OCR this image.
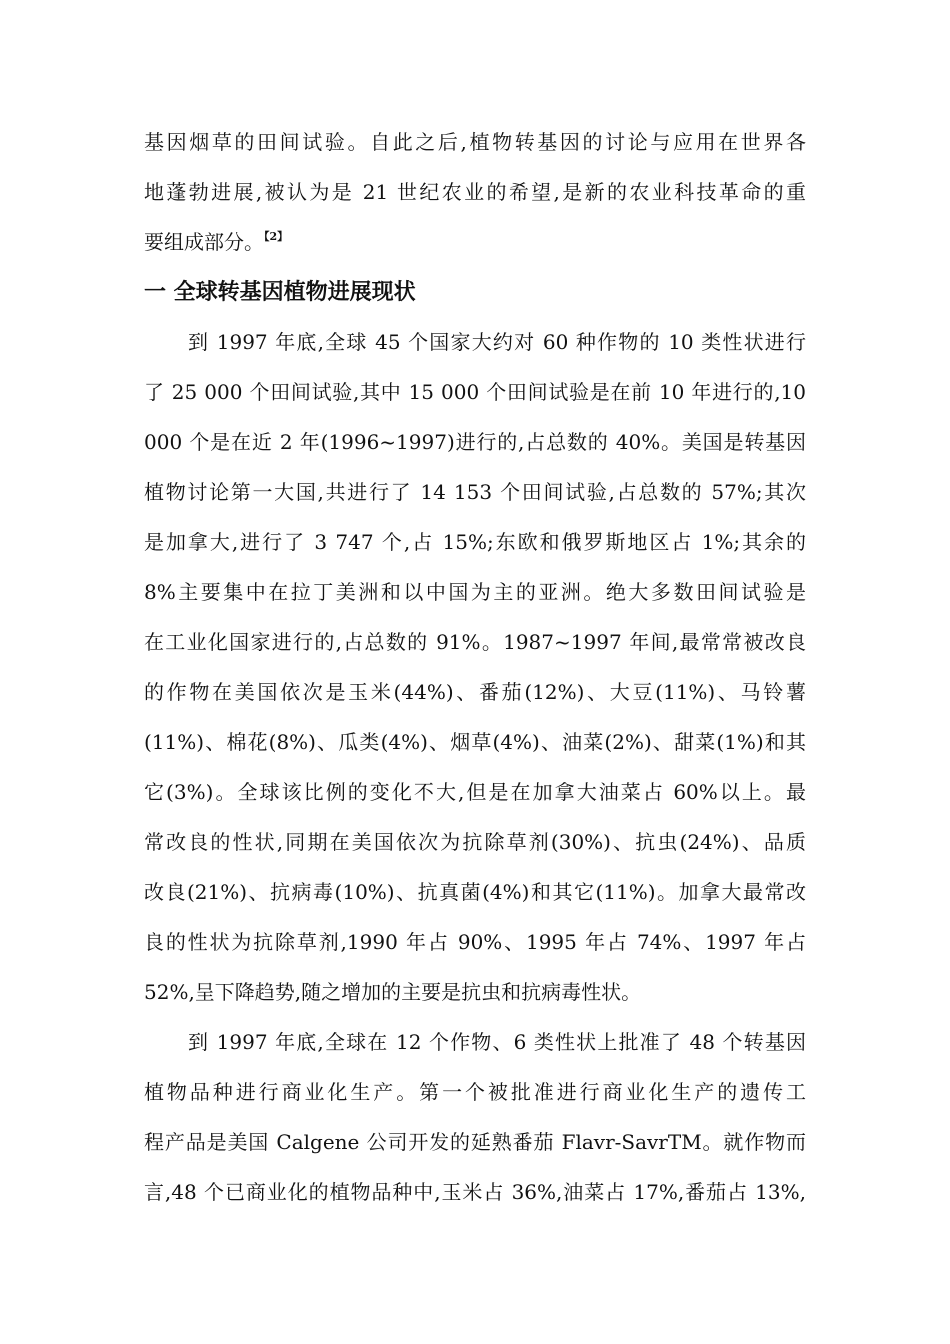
基因烟草的田间试验。自此之后,植物转基因的讨论与应用在世界各
地蓬勃进展,被认为是 21 世纪农业的希望,是新的农业科技革命的重
要组成部分。$^{【2】}$
一 全球转基因植物进展现状
到 1997 年底,全球 45 个国家大约对 60 种作物的 10 类性状进行
了 25 000 个田间试验,其中 15 000 个田间试验是在前 10 年进行的,10
000 个是在近 2 年(1996~1997)进行的,占总数的 40%。美国是转基因
植物讨论第一大国,共进行了 14 153 个田间试验,占总数的 57%;其次
是加拿大,进行了 3 747 个,占 15%;东欧和俄罗斯地区占 1%;其余的
8%主要集中在拉丁美洲和以中国为主的亚洲。绝大多数田间试验是
在工业化国家进行的,占总数的 91%。1987~1997 年间,最常常被改良
的作物在美国依次是玉米(44%)、番茄(12%)、大豆(11%)、马铃薯
(11%)、棉花(8%)、瓜类(4%)、烟草(4%)、油菜(2%)、甜菜(1%)和其
它(3%)。全球该比例的变化不大,但是在加拿大油菜占 60%以上。最
常改良的性状,同期在美国依次为抗除草剂(30%)、抗虫(24%)、品质
改良(21%)、抗病毒(10%)、抗真菌(4%)和其它(11%)。加拿大最常改
良的性状为抗除草剂,1990 年占 90%、1995 年占 74%、1997 年占
52%,呈下降趋势,随之增加的主要是抗虫和抗病毒性状。
到 1997 年底,全球在 12 个作物、6 类性状上批准了 48 个转基因
植物品种进行商业化生产。第一个被批准进行商业化生产的遗传工
程产品是美国 Calgene 公司开发的延熟番茄 Flavr-SavrTM。就作物而
言,48 个已商业化的植物品种中,玉米占 36%,油菜占 17%,番茄占 13%,
